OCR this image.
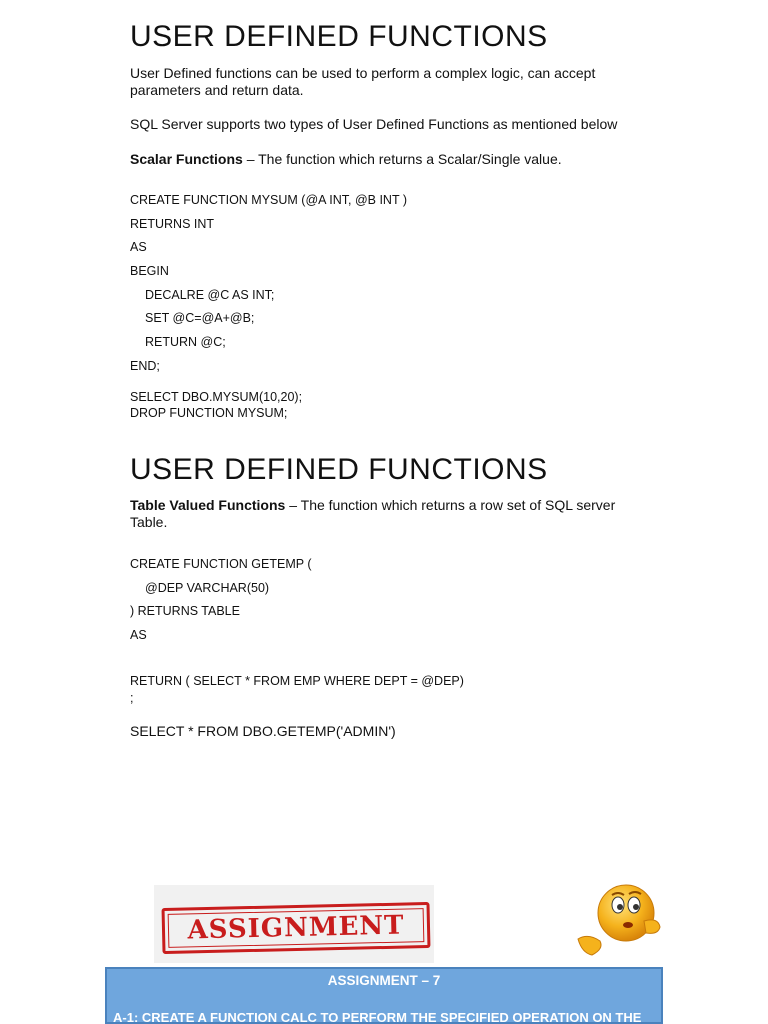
USER DEFINED FUNCTIONS
User Defined functions can be used to perform a complex logic, can accept parameters and return data.
SQL Server supports two types of User Defined Functions as mentioned below
Scalar Functions – The function which returns a Scalar/Single value.
CREATE FUNCTION MYSUM (@A INT, @B INT )
RETURNS INT
AS
BEGIN
DECALRE @C AS INT;
SET @C=@A+@B;
RETURN @C;
END;
SELECT DBO.MYSUM(10,20);
DROP FUNCTION MYSUM;
USER DEFINED FUNCTIONS
Table Valued Functions – The function which returns a row set of SQL server Table.
CREATE FUNCTION GETEMP (
@DEP VARCHAR(50)
) RETURNS TABLE
AS
RETURN ( SELECT * FROM EMP WHERE DEPT = @DEP)
;
SELECT * FROM DBO.GETEMP('ADMIN')
ASSIGNMENT
ASSIGNMENT – 7
A-1: CREATE A FUNCTION CALC TO PERFORM THE SPECIFIED OPERATION ON THE
